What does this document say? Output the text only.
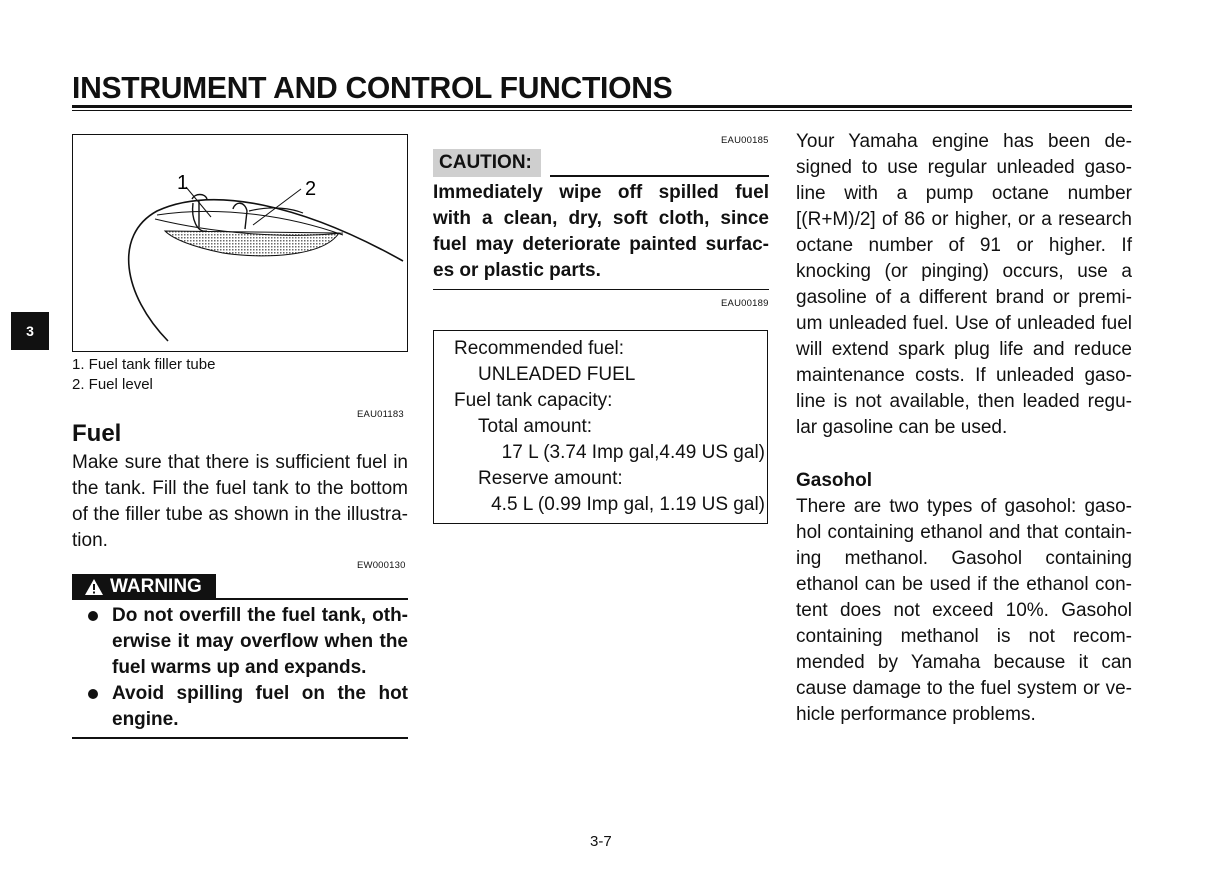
INSTRUMENT AND CONTROL FUNCTIONS
3
1	2
1. Fuel tank filler tube
2. Fuel level
EAU01183
Fuel
Make sure that there is sufficient fuel in
the tank. Fill the fuel tank to the bottom
of the filler tube as shown in the illustra-
tion.
EW000130
WARNING
Do not overfill the fuel tank, oth-
erwise it may overflow when the
fuel warms up and expands.
Avoid spilling fuel on the hot
engine.
EAU00185
CAUTION:
Immediately wipe off spilled fuel
with a clean, dry, soft cloth, since
fuel may deteriorate painted surfac-
es or plastic parts.
EAU00189
Recommended fuel:
UNLEADED FUEL
Fuel tank capacity:
Total amount:
17 L (3.74 Imp gal,4.49 US gal)
Reserve amount:
4.5 L (0.99 Imp gal, 1.19 US gal)
Your Yamaha engine has been de-
signed to use regular unleaded gaso-
line with a pump octane number
[(R+M)/2] of 86 or higher, or a research
octane number of 91 or higher. If
knocking (or pinging) occurs, use a
gasoline of a different brand or premi-
um unleaded fuel. Use of unleaded fuel
will extend spark plug life and reduce
maintenance costs. If unleaded gaso-
line is not available, then leaded regu-
lar gasoline can be used.
Gasohol
There are two types of gasohol: gaso-
hol containing ethanol and that contain-
ing methanol. Gasohol containing
ethanol can be used if the ethanol con-
tent does not exceed 10%. Gasohol
containing methanol is not recom-
mended by Yamaha because it can
cause damage to the fuel system or ve-
hicle performance problems.
3-7
